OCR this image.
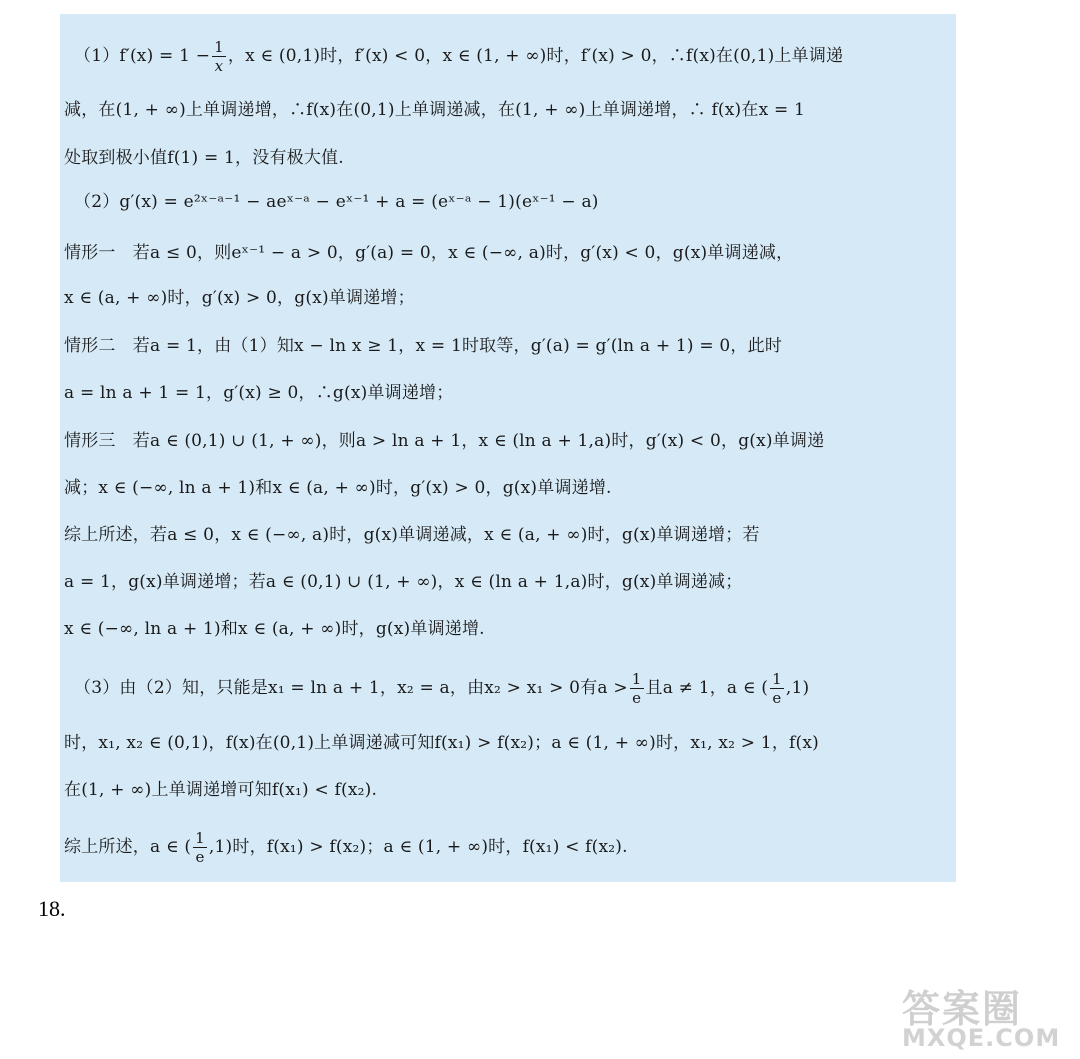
$(1)f'(x) = 1 - \frac{1}{x}$ ，x ∈ (0,1)时，f′(x) < 0，x ∈ (1, + ∞)时，f′(x) > 0，∴f(x)在(0,1)上单调递
减，在(1, + ∞)上单调递增，∴f(x)在(0,1)上单调递减，在(1, + ∞)上单调递增，∴ f(x)在x = 1
处取到极小值f(1) = 1，没有极大值.
（2）g′(x) = e²ˣ⁻ᵃ⁻¹ − aeˣ⁻ᵃ − eˣ⁻¹ + a = (eˣ⁻ᵃ − 1)(eˣ⁻¹ − a)
情形一　若a ≤ 0，则eˣ⁻¹ − a > 0，g′(a) = 0，x ∈ (−∞, a)时，g′(x) < 0，g(x)单调递减，
x ∈ (a, + ∞)时，g′(x) > 0，g(x)单调递增；
情形二　若a = 1，由（1）知x − ln x ≥ 1，x = 1时取等，g′(a) = g′(ln a + 1) = 0，此时
a = ln a + 1 = 1，g′(x) ≥ 0，∴g(x)单调递增；
情形三　若a ∈ (0,1) ∪ (1, + ∞)，则a > ln a + 1，x ∈ (ln a + 1,a)时，g′(x) < 0，g(x)单调递
减；x ∈ (−∞, ln a + 1)和x ∈ (a, + ∞)时，g′(x) > 0，g(x)单调递增.
综上所述，若a ≤ 0，x ∈ (−∞, a)时，g(x)单调递减，x ∈ (a, + ∞)时，g(x)单调递增；若
a = 1，g(x)单调递增；若a ∈ (0,1) ∪ (1, + ∞)，x ∈ (ln a + 1,a)时，g(x)单调递减；
x ∈ (−∞, ln a + 1)和x ∈ (a, + ∞)时，g(x)单调递增.
（3）由（2）知，只能是x₁ = ln a + 1，x₂ = a，由x₂ > x₁ > 0有$a > \frac{1}{e}$ 且a ≠ 1，a ∈ ( $\frac{1}{e} ,1$)
时，x₁, x₂ ∈ (0,1)，f(x)在(0,1)上单调递减可知f(x₁) > f(x₂)；a ∈ (1, + ∞)时，x₁, x₂ > 1，f(x)
在(1, + ∞)上单调递增可知f(x₁) < f(x₂).
综上所述，a ∈ ( $\frac{1}{e} ,1$)时，f(x₁) > f(x₂)；a ∈ (1, + ∞)时，f(x₁) < f(x₂).
18.
答案圈
MXQE.COM
